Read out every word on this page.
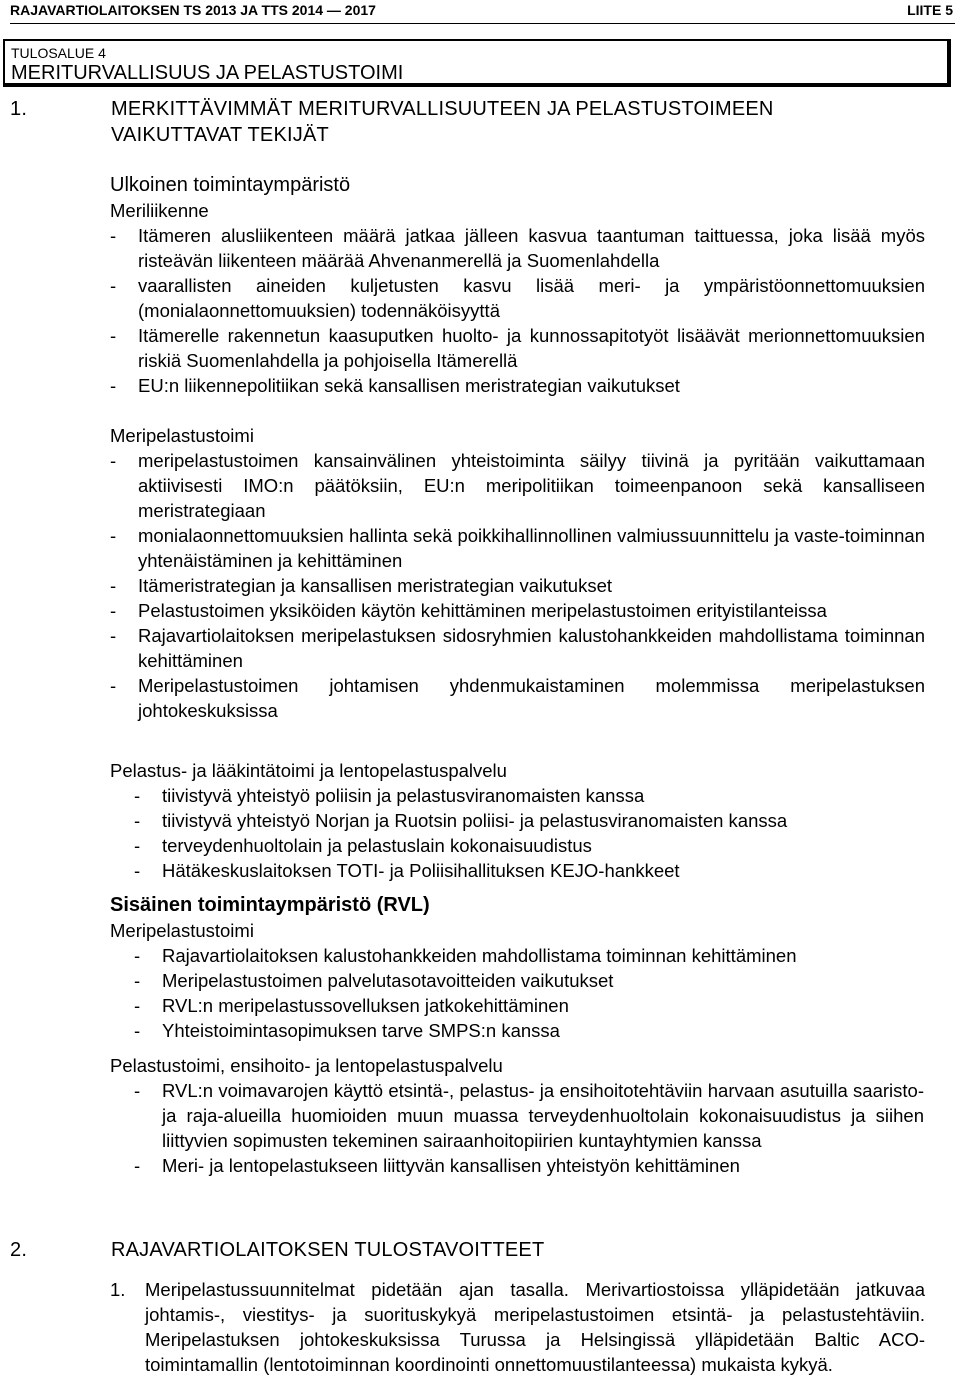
RAJAVARTIOLAITOKSEN TS 2013 JA TTS 2014 — 2017	LIITE 5
TULOSALUE 4
MERITURVALLISUUS JA PELASTUSTOIMI
1.	MERKITTÄVIMMÄT MERITURVALLISUUTEEN JA PELASTUSTOIMEEN
VAIKUTTAVAT TEKIJÄT
Ulkoinen toimintaympäristö
Meriliikenne
- Itämeren alusliikenteen määrä jatkaa jälleen kasvua taantuman taittuessa, joka lisää myös risteävän liikenteen määrää Ahvenanmerellä ja Suomenlahdella
- vaarallisten aineiden kuljetusten kasvu lisää meri- ja ympäristöonnettomuuksien (monialaonnettomuuksien) todennäköisyyttä
- Itämerelle rakennetun kaasuputken huolto- ja kunnossapitotyöt lisäävät merionnettomuuksien riskiä Suomenlahdella ja pohjoisella Itämerellä
- EU:n liikennepolitiikan sekä kansallisen meristrategian vaikutukset
Meripelastustoimi
- meripelastustoimen kansainvälinen yhteistoiminta säilyy tiivinä ja pyritään vaikuttamaan aktiivisesti IMO:n päätöksiin, EU:n meripolitiikan toimeenpanoon sekä kansalliseen meristrategiaan
- monialaonnettomuuksien hallinta sekä poikkihallinnollinen valmiussuunnittelu ja vaste-toiminnan yhtenäistäminen ja kehittäminen
- Itämeristrategian ja kansallisen meristrategian vaikutukset
- Pelastustoimen yksiköiden käytön kehittäminen meripelastustoimen erityistilanteissa
- Rajavartiolaitoksen meripelastuksen sidosryhmien kalustohankkeiden mahdollistama toiminnan kehittäminen
- Meripelastustoimen johtamisen yhdenmukaistaminen molemmissa meripelastuksen johtokeskuksissa
Pelastus- ja lääkintätoimi ja lentopelastuspalvelu
- tiivistyvä yhteistyö poliisin ja pelastusviranomaisten kanssa
- tiivistyvä yhteistyö Norjan ja Ruotsin poliisi- ja pelastusviranomaisten kanssa
- terveydenhuoltolain ja pelastuslain kokonaisuudistus
- Hätäkeskuslaitoksen TOTI- ja Poliisihallituksen KEJO-hankkeet
Sisäinen toimintaympäristö (RVL)
Meripelastustoimi
- Rajavartiolaitoksen kalustohankkeiden mahdollistama toiminnan kehittäminen
- Meripelastustoimen palvelutasotavoitteiden vaikutukset
- RVL:n meripelastussovelluksen jatkokehittäminen
- Yhteistoimintasopimuksen tarve SMPS:n kanssa
Pelastustoimi, ensihoito- ja lentopelastuspalvelu
- RVL:n voimavarojen käyttö etsintä-, pelastus- ja ensihoitotehtäviin harvaan asutuilla saaristo- ja raja-alueilla huomioiden muun muassa terveydenhuoltolain kokonaisuudistus ja siihen liittyvien sopimusten tekeminen sairaanhoitopiirien kuntayhtymien kanssa
- Meri- ja lentopelastukseen liittyvän kansallisen yhteistyön kehittäminen
2.	RAJAVARTIOLAITOKSEN TULOSTAVOITTEET
1. Meripelastussuunnitelmat pidetään ajan tasalla. Merivartiostoissa ylläpidetään jatkuvaa johtamis-, viestitys- ja suorituskykyä meripelastustoimen etsintä- ja pelastustehtäviin. Meripelastuksen johtokeskuksissa Turussa ja Helsingissä ylläpidetään Baltic ACO-toimintamallin (lentotoiminnan koordinointi onnettomuustilanteessa) mukaista kykyä.
